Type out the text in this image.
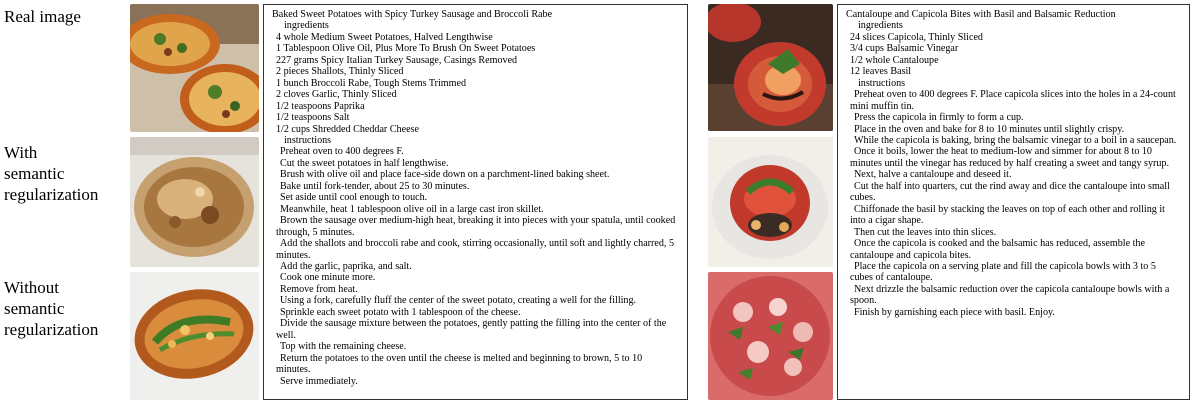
Real image
With
semantic
regularization
Without
semantic
regularization
Baked Sweet Potatoes with Spicy Turkey Sausage and Broccoli Rabe
ingredients
4 whole Medium Sweet Potatoes, Halved Lengthwise
1 Tablespoon Olive Oil, Plus More To Brush On Sweet Potatoes
227 grams Spicy Italian Turkey Sausage, Casings Removed
2 pieces Shallots, Thinly Sliced
1 bunch Broccoli Rabe, Tough Stems Trimmed
2 cloves Garlic, Thinly Sliced
1/2 teaspoons Paprika
1/2 teaspoons Salt
1/2 cups Shredded Cheddar Cheese
instructions
Preheat oven to 400 degrees F.
Cut the sweet potatoes in half lengthwise.
Brush with olive oil and place face-side down on a parchment-lined baking sheet.
Bake until fork-tender, about 25 to 30 minutes.
Set aside until cool enough to touch.
Meanwhile, heat 1 tablespoon olive oil in a large cast iron skillet.
Brown the sausage over medium-high heat, breaking it into pieces with your spatula, until cooked through, 5 minutes.
Add the shallots and broccoli rabe and cook, stirring occasionally, until soft and lightly charred, 5 minutes.
Add the garlic, paprika, and salt.
Cook one minute more.
Remove from heat.
Using a fork, carefully fluff the center of the sweet potato, creating a well for the filling.
Sprinkle each sweet potato with 1 tablespoon of the cheese.
Divide the sausage mixture between the potatoes, gently patting the filling into the center of the well.
Top with the remaining cheese.
Return the potatoes to the oven until the cheese is melted and beginning to brown, 5 to 10 minutes.
Serve immediately.
Cantaloupe and Capicola Bites with Basil and Balsamic Reduction
ingredients
24 slices Capicola, Thinly Sliced
3/4 cups Balsamic Vinegar
1/2 whole Cantaloupe
12 leaves Basil
instructions
Preheat oven to 400 degrees F. Place capicola slices into the holes in a 24-count mini muffin tin.
Press the capicola in firmly to form a cup.
Place in the oven and bake for 8 to 10 minutes until slightly crispy.
While the capicola is baking, bring the balsamic vinegar to a boil in a saucepan.
Once it boils, lower the heat to medium-low and simmer for about 8 to 10 minutes until the vinegar has reduced by half creating a sweet and tangy syrup.
Next, halve a cantaloupe and deseed it.
Cut the half into quarters, cut the rind away and dice the cantaloupe into small cubes.
Chiffonade the basil by stacking the leaves on top of each other and rolling it into a cigar shape.
Then cut the leaves into thin slices.
Once the capicola is cooked and the balsamic has reduced, assemble the cantaloupe and capicola bites.
Place the capicola on a serving plate and fill the capicola bowls with 3 to 5 cubes of cantaloupe.
Next drizzle the balsamic reduction over the capicola cantaloupe bowls with a spoon.
Finish by garnishing each piece with basil. Enjoy.
